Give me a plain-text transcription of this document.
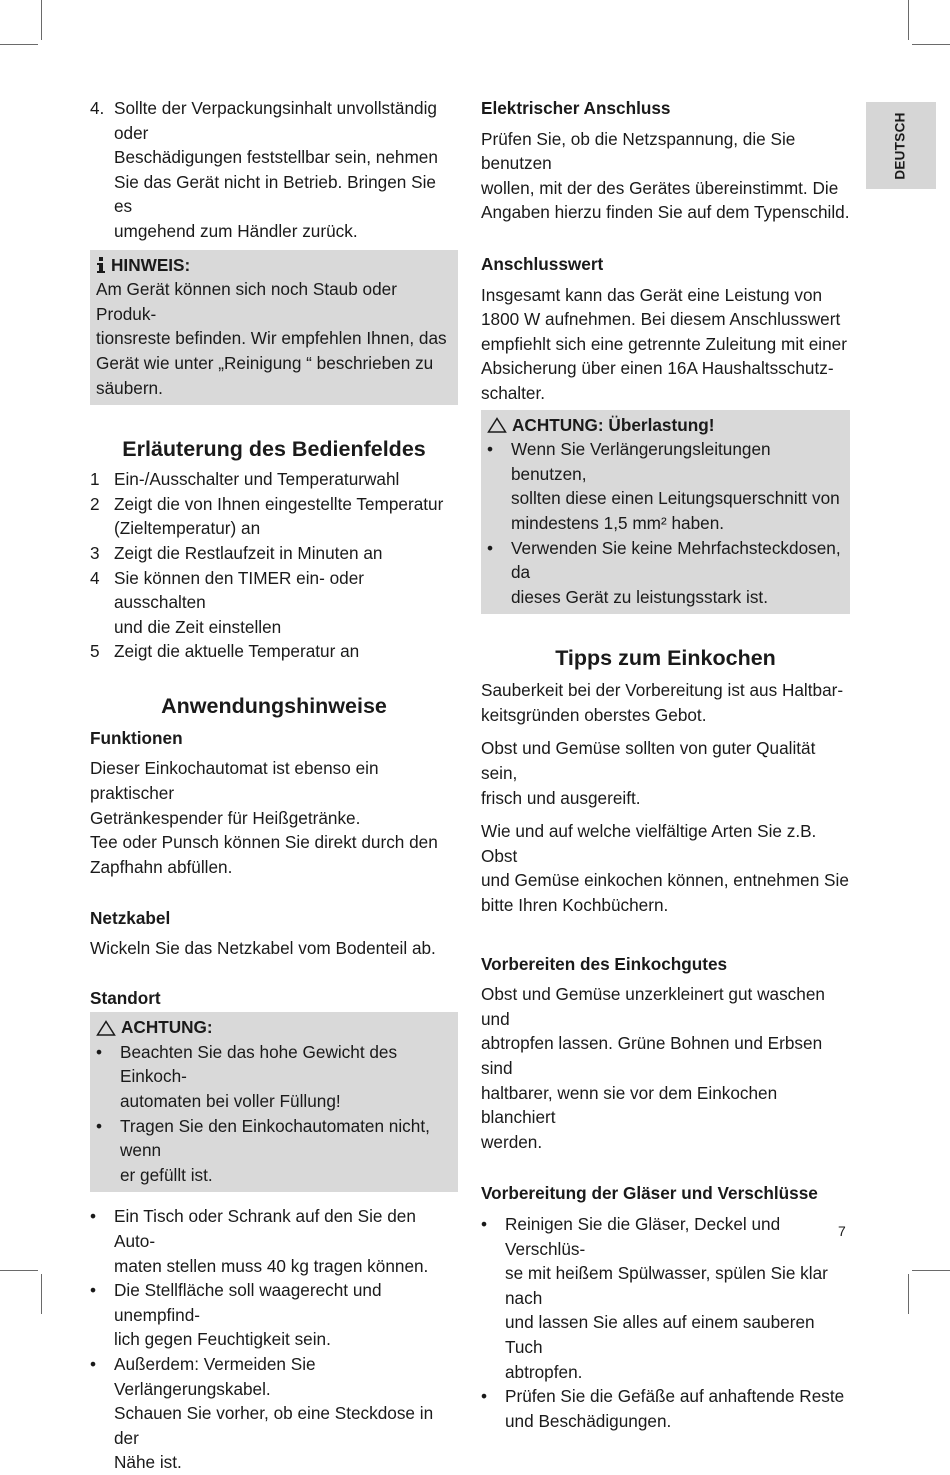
DEUTSCH
4. Sollte der Verpackungsinhalt unvollständig oder

Beschädigungen feststellbar sein, nehmen

Sie das Gerät nicht in Betrieb. Bringen Sie es

umgehend zum Händler zurück.

HINWEIS:

Am Gerät können sich noch Staub oder Produk-

tionsreste befinden. Wir empfehlen Ihnen, das

Gerät wie unter „Reinigung “ beschrieben zu

säubern.

Erläuterung des Bedienfeldes
1 Ein-/Ausschalter und Temperaturwahl

2 Zeigt die von Ihnen eingestellte Temperatur

(Zieltemperatur) an

3 Zeigt die Restlaufzeit in Minuten an

4 Sie können den TIMER ein- oder ausschalten

und die Zeit einstellen

5 Zeigt die aktuelle Temperatur an

Anwendungshinweise
Funktionen

Dieser Einkochautomat ist ebenso ein praktischer

Getränkespender für Heißgetränke.

Tee oder Punsch können Sie direkt durch den

Zapfhahn abfüllen.

Netzkabel

Wickeln Sie das Netzkabel vom Bodenteil ab.

Standort
ACHTUNG:
•	Beachten Sie das hohe Gewicht des Einkoch-

automaten bei voller Füllung!

•	Tragen Sie den Einkochautomaten nicht, wenn

er gefüllt ist.

•	Ein Tisch oder Schrank auf den Sie den Auto-

maten stellen muss 40 kg tragen können.

•	Die Stellfläche soll waagerecht und unempfind-

lich gegen Feuchtigkeit sein.

•	Außerdem: Vermeiden Sie Verlängerungskabel.

Schauen Sie vorher, ob eine Steckdose in der

Nähe ist.

Elektrischer Anschluss

Prüfen Sie, ob die Netzspannung, die Sie benutzen

wollen, mit der des Gerätes übereinstimmt. Die

Angaben hierzu finden Sie auf dem Typenschild.

Anschlusswert

Insgesamt kann das Gerät eine Leistung von

1800 W aufnehmen. Bei diesem Anschlusswert

empfiehlt sich eine getrennte Zuleitung mit einer

Absicherung über einen 16A Haushaltsschutz-

schalter.

ACHTUNG: Überlastung!
•	Wenn Sie Verlängerungsleitungen benutzen,

sollten diese einen Leitungsquerschnitt von

mindestens 1,5 mm² haben.

•	Verwenden Sie keine Mehrfachsteckdosen, da

dieses Gerät zu leistungsstark ist.

Tipps zum Einkochen

Sauberkeit bei der Vorbereitung ist aus Haltbar-

keitsgründen oberstes Gebot.

Obst und Gemüse sollten von guter Qualität sein,

frisch und ausgereift.

Wie und auf welche vielfältige Arten Sie z.B. Obst

und Gemüse einkochen können, entnehmen Sie

bitte Ihren Kochbüchern.

Vorbereiten des Einkochgutes

Obst und Gemüse unzerkleinert gut waschen und

abtropfen lassen. Grüne Bohnen und Erbsen sind

haltbarer, wenn sie vor dem Einkochen blanchiert

werden.

Vorbereitung der Gläser und Verschlüsse
•	Reinigen Sie die Gläser, Deckel und Verschlüs-

se mit heißem Spülwasser, spülen Sie klar nach

und lassen Sie alles auf einem sauberen Tuch

abtropfen.

•	Prüfen Sie die Gefäße auf anhaftende Reste

und Beschädigungen.

7
